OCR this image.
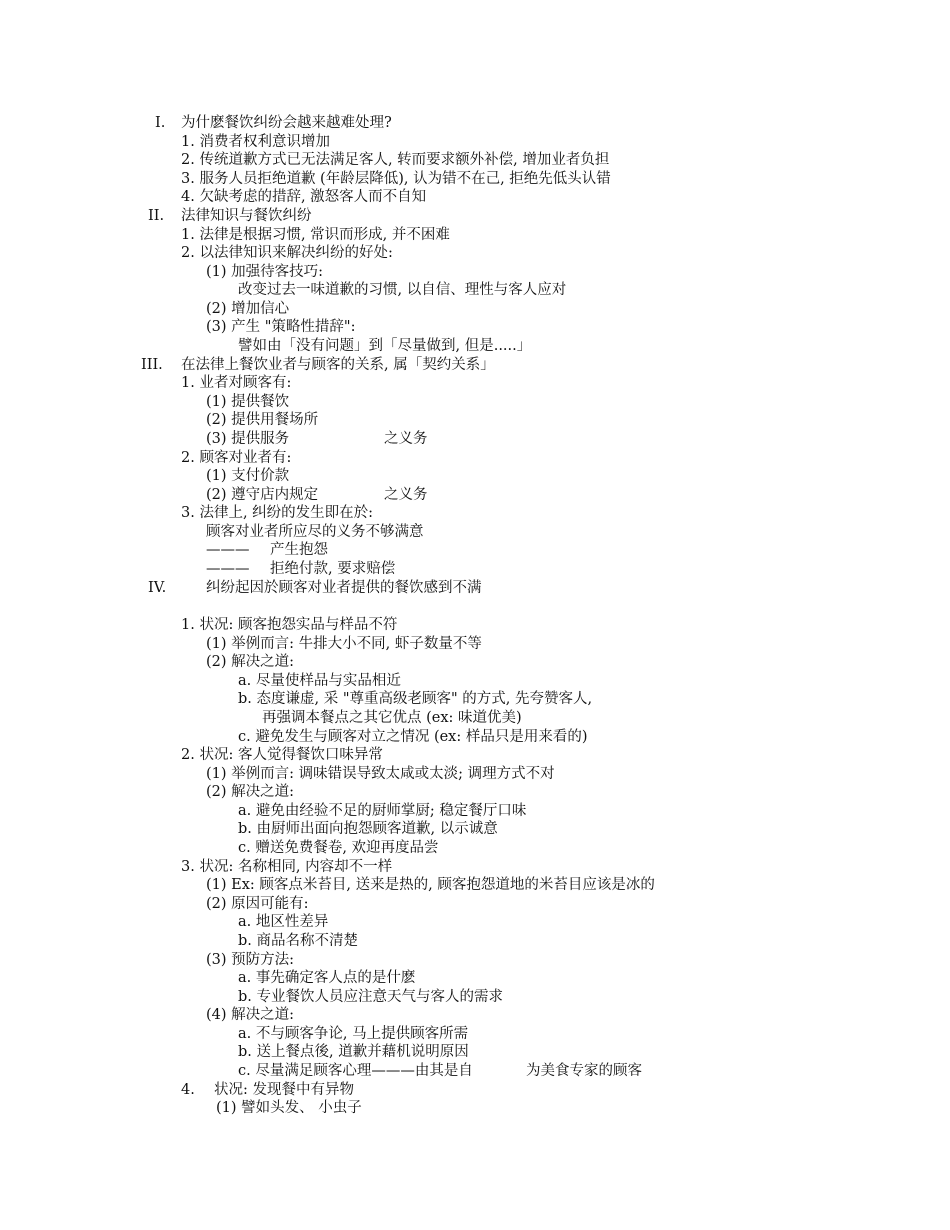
I. 为什麽餐饮纠纷会越来越难处理?
1. 消费者权利意识增加
2. 传统道歉方式已无法满足客人, 转而要求额外补偿, 增加业者负担
3. 服务人员拒绝道歉 (年龄层降低), 认为错不在己, 拒绝先低头认错
4. 欠缺考虑的措辞, 激怒客人而不自知
II. 法律知识与餐饮纠纷
1. 法律是根据习惯, 常识而形成, 并不困难
2. 以法律知识来解决纠纷的好处:
(1) 加强待客技巧:
改变过去一味道歉的习惯, 以自信、理性与客人应对
(2) 增加信心
(3) 产生 "策略性措辞":
譬如由「没有问题」到「尽量做到, 但是.....」
III. 在法律上餐饮业者与顾客的关系, 属「契约关系」
1. 业者对顾客有:
(1) 提供餐饮
(2) 提供用餐场所
(3) 提供服务	之义务
2. 顾客对业者有:
(1) 支付价款
(2) 遵守店内规定	之义务
3. 法律上, 纠纷的发生即在於:
顾客对业者所应尽的义务不够满意
——— 产生抱怨
——— 拒绝付款, 要求赔偿
IV.	纠纷起因於顾客对业者提供的餐饮感到不满
1. 状况: 顾客抱怨实品与样品不符
(1) 举例而言: 牛排大小不同, 虾子数量不等
(2) 解决之道:
a. 尽量使样品与实品相近
b. 态度谦虚, 采 "尊重高级老顾客" 的方式, 先夸赞客人,
再强调本餐点之其它优点 (ex: 味道优美)
c. 避免发生与顾客对立之情况 (ex: 样品只是用来看的)
2. 状况: 客人觉得餐饮口味异常
(1) 举例而言: 调味错误导致太咸或太淡; 调理方式不对
(2) 解决之道:
a. 避免由经验不足的厨师掌厨; 稳定餐厅口味
b. 由厨师出面向抱怨顾客道歉, 以示诚意
c. 赠送免费餐卷, 欢迎再度品尝
3. 状况: 名称相同, 内容却不一样
(1) Ex: 顾客点米苔目, 送来是热的, 顾客抱怨道地的米苔目应该是冰的
(2) 原因可能有:
a. 地区性差异
b. 商品名称不清楚
(3) 预防方法:
a. 事先确定客人点的是什麽
b. 专业餐饮人员应注意天气与客人的需求
(4) 解决之道:
a. 不与顾客争论, 马上提供顾客所需
b. 送上餐点後, 道歉并藉机说明原因
c. 尽量满足顾客心理———由其是自	为美食专家的顾客
4. 状况: 发现餐中有异物
(1) 譬如头发、 小虫子
